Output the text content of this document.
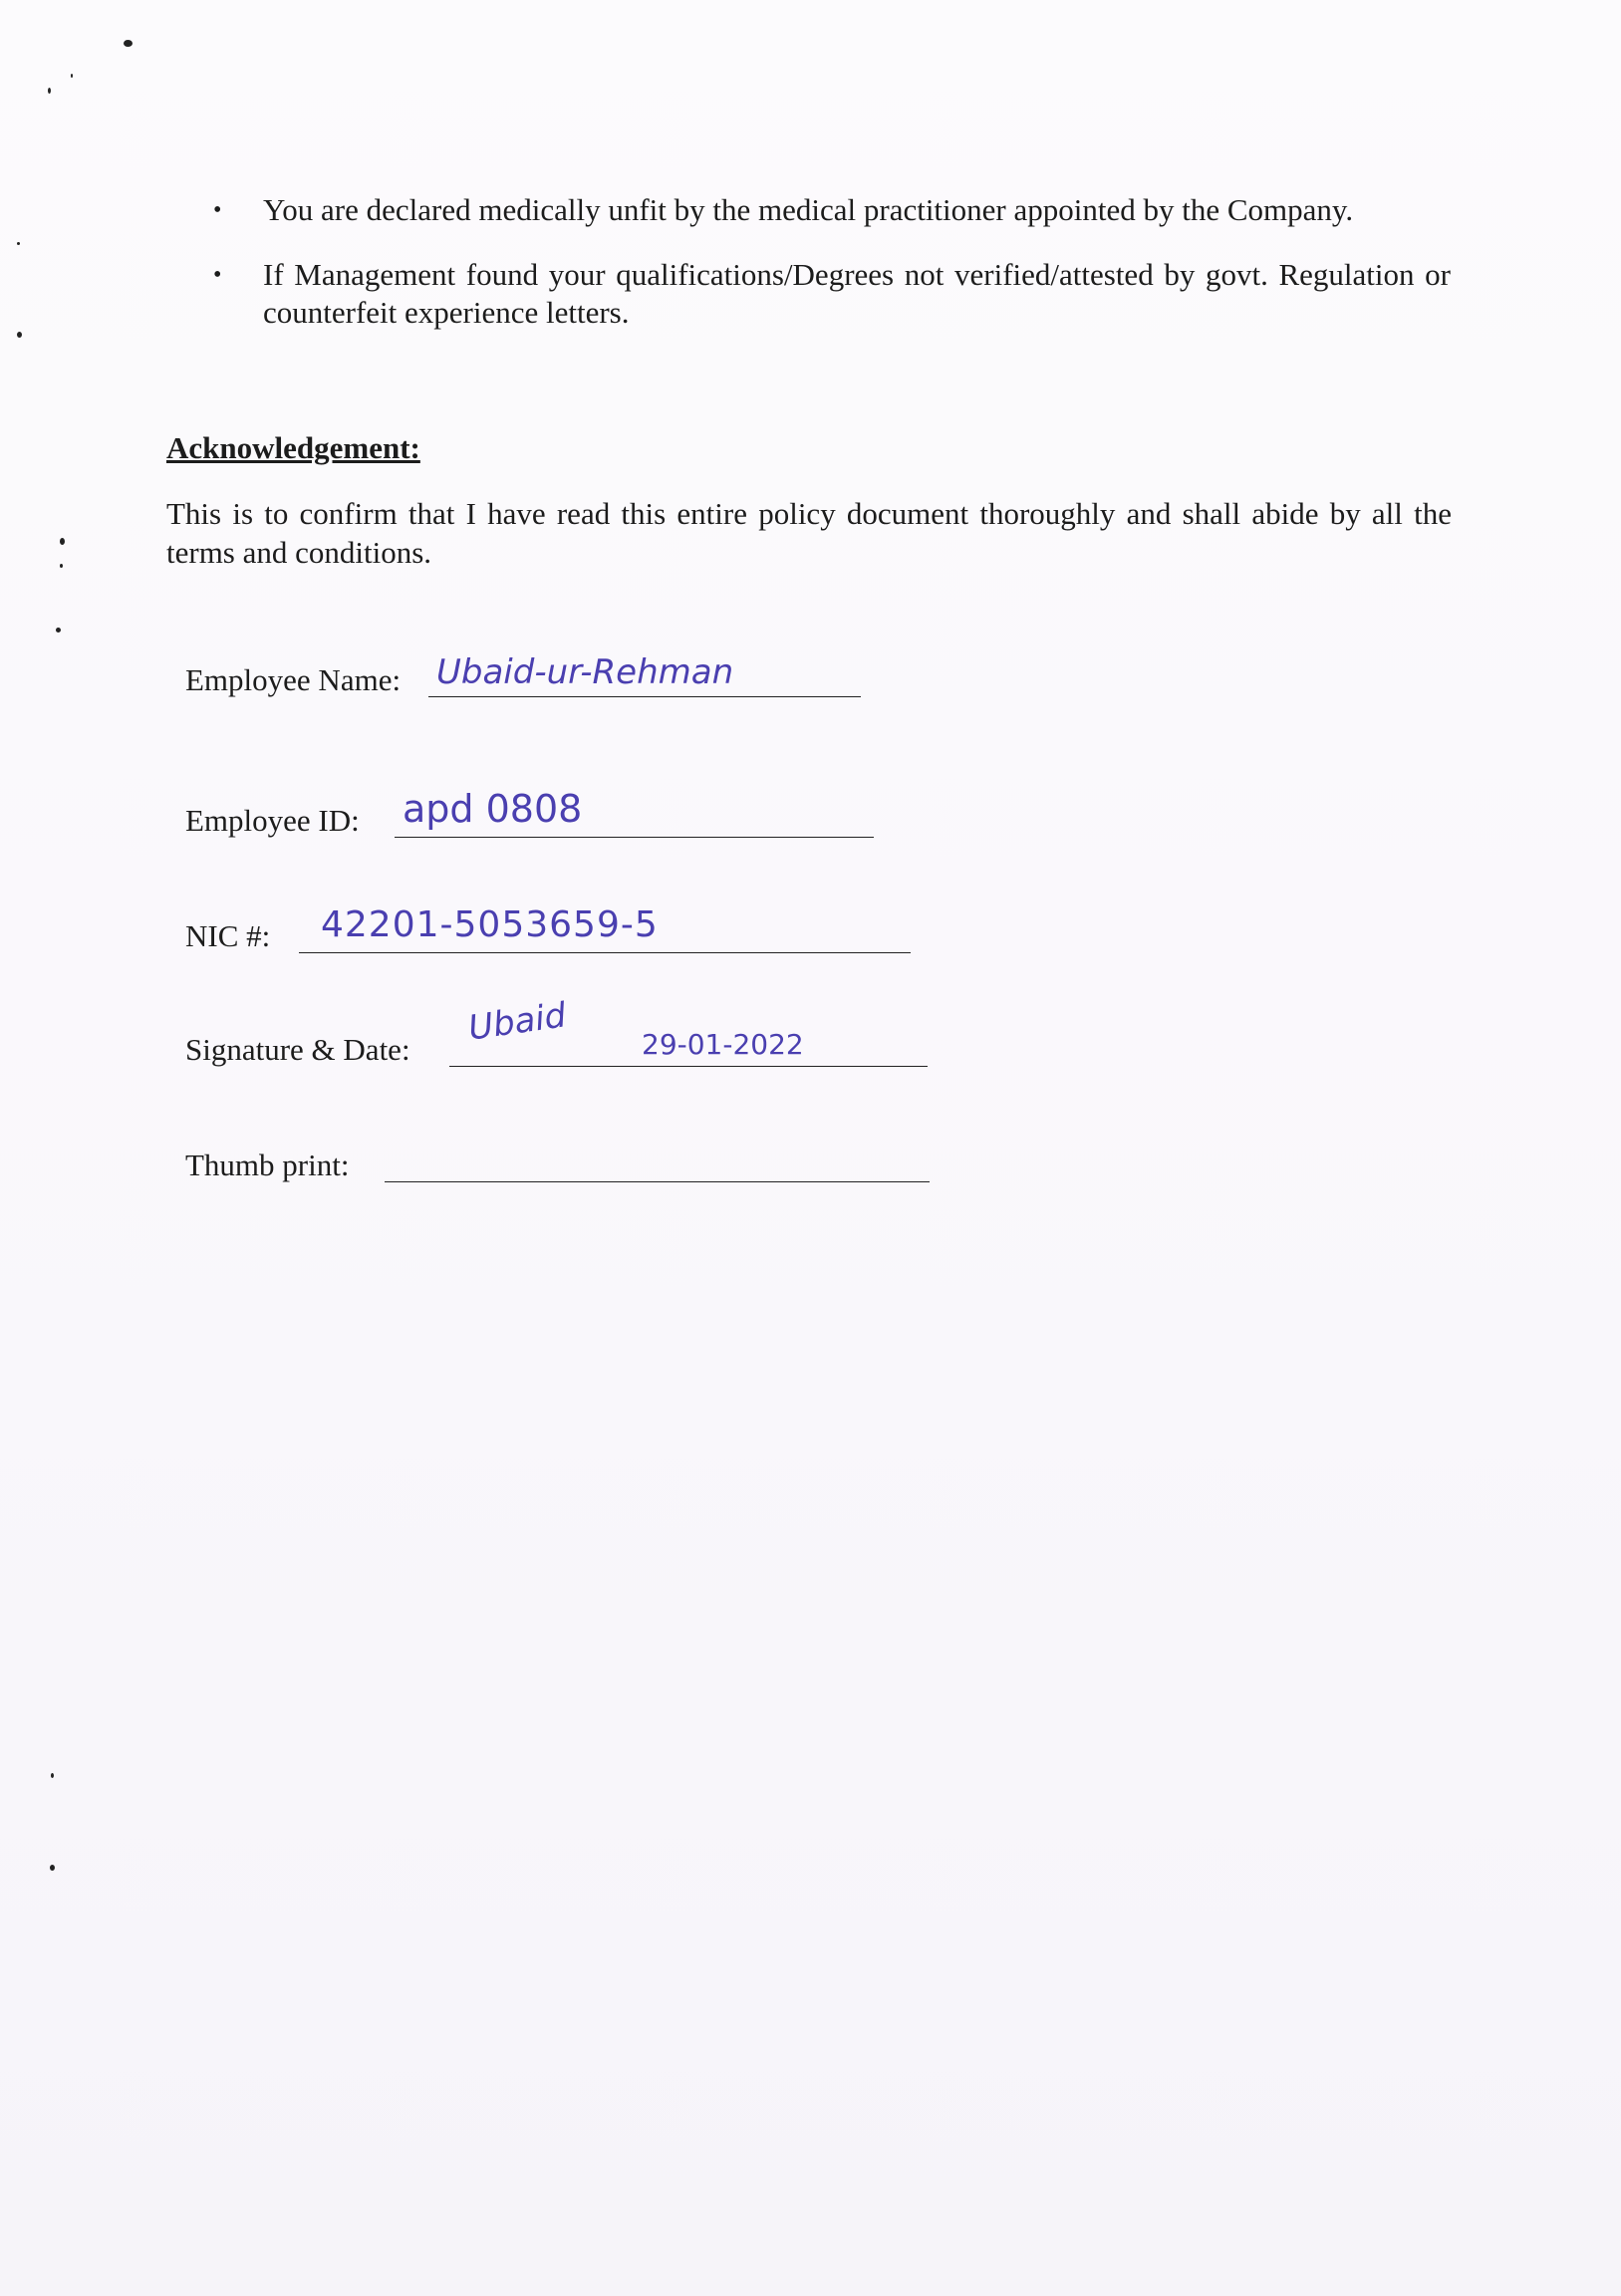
• You are declared medically unfit by the medical practitioner appointed by the Company.
• If Management found your qualifications/Degrees not verified/attested by govt. Regulation or counterfeit experience letters.
Acknowledgement:

This is to confirm that I have read this entire policy document thoroughly and shall abide by all the terms and conditions.

Employee Name: Ubaid-ur-Rehman
Employee ID: apd 0808
NIC #: 42201-5053659-5
Signature & Date:
Ubaid	29-01-2022
Thumb print:
